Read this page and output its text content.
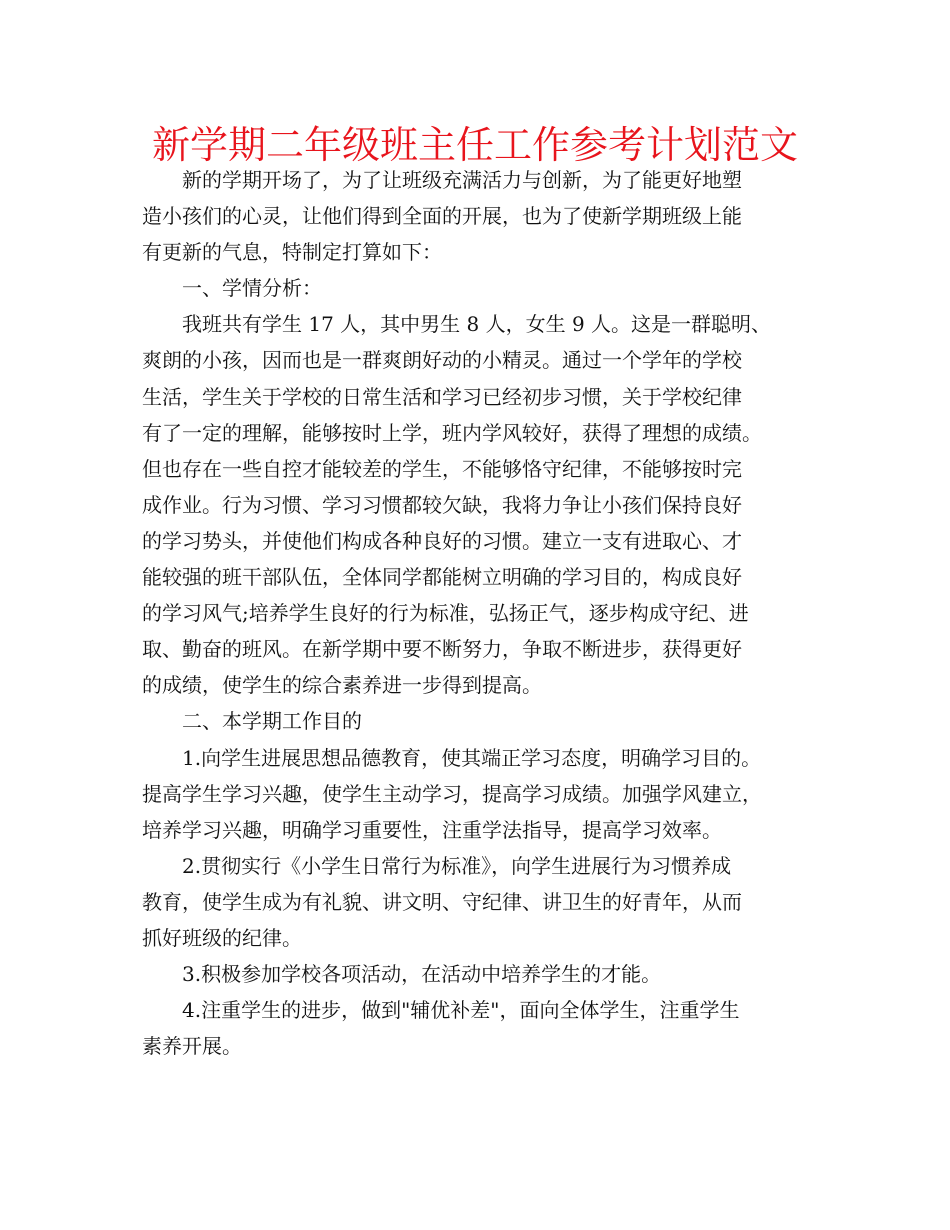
新学期二年级班主任工作参考计划范文
新的学期开场了，为了让班级充满活力与创新，为了能更好地塑
造小孩们的心灵，让他们得到全面的开展，也为了使新学期班级上能
有更新的气息，特制定打算如下：
一、学情分析：
我班共有学生 17 人，其中男生 8 人，女生 9 人。这是一群聪明、
爽朗的小孩，因而也是一群爽朗好动的小精灵。通过一个学年的学校
生活，学生关于学校的日常生活和学习已经初步习惯，关于学校纪律
有了一定的理解，能够按时上学，班内学风较好，获得了理想的成绩。
但也存在一些自控才能较差的学生，不能够恪守纪律，不能够按时完
成作业。行为习惯、学习习惯都较欠缺，我将力争让小孩们保持良好
的学习势头，并使他们构成各种良好的习惯。建立一支有进取心、才
能较强的班干部队伍，全体同学都能树立明确的学习目的，构成良好
的学习风气;培养学生良好的行为标准，弘扬正气，逐步构成守纪、进
取、勤奋的班风。在新学期中要不断努力，争取不断进步，获得更好
的成绩，使学生的综合素养进一步得到提高。
二、本学期工作目的
1.向学生进展思想品德教育，使其端正学习态度，明确学习目的。
提高学生学习兴趣，使学生主动学习，提高学习成绩。加强学风建立，
培养学习兴趣，明确学习重要性，注重学法指导，提高学习效率。
2.贯彻实行《小学生日常行为标准》，向学生进展行为习惯养成
教育，使学生成为有礼貌、讲文明、守纪律、讲卫生的好青年，从而
抓好班级的纪律。
3.积极参加学校各项活动，在活动中培养学生的才能。
4.注重学生的进步，做到"辅优补差"，面向全体学生，注重学生
素养开展。
